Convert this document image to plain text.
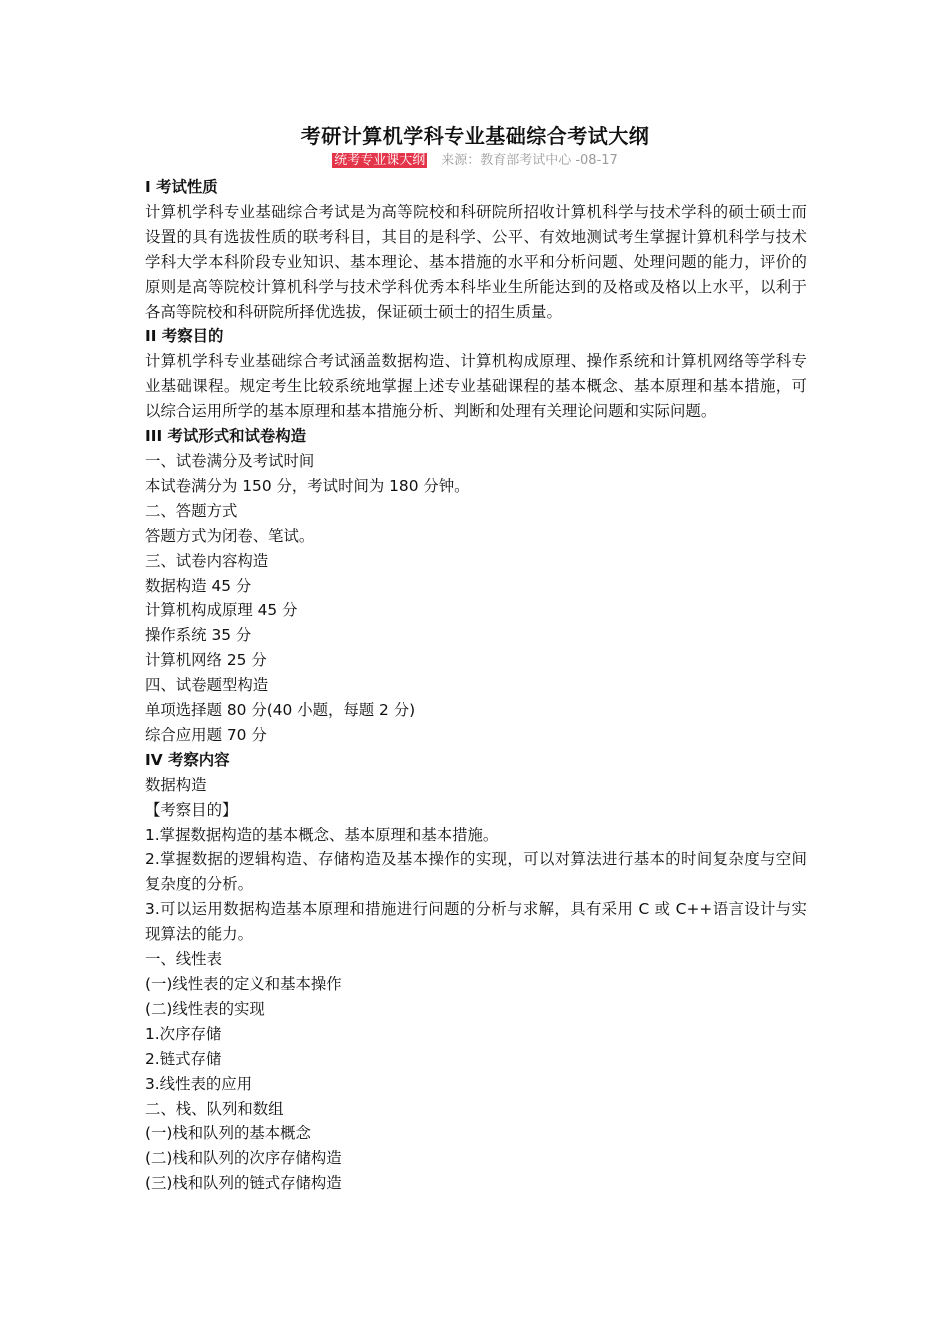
考研计算机学科专业基础综合考试大纲
统考专业课大纲 来源：教育部考试中心 -08-17
I 考试性质
计算机学科专业基础综合考试是为高等院校和科研院所招收计算机科学与技术学科的硕士硕士而设置的具有选拔性质的联考科目，其目的是科学、公平、有效地测试考生掌握计算机科学与技术学科大学本科阶段专业知识、基本理论、基本措施的水平和分析问题、处理问题的能力，评价的原则是高等院校计算机科学与技术学科优秀本科毕业生所能达到的及格或及格以上水平，以利于各高等院校和科研院所择优选拔，保证硕士硕士的招生质量。
II 考察目的
计算机学科专业基础综合考试涵盖数据构造、计算机构成原理、操作系统和计算机网络等学科专业基础课程。规定考生比较系统地掌握上述专业基础课程的基本概念、基本原理和基本措施，可以综合运用所学的基本原理和基本措施分析、判断和处理有关理论问题和实际问题。
III 考试形式和试卷构造
一、试卷满分及考试时间
本试卷满分为 150 分，考试时间为 180 分钟。
二、答题方式
答题方式为闭卷、笔试。
三、试卷内容构造
数据构造 45 分
计算机构成原理 45 分
操作系统 35 分
计算机网络 25 分
四、试卷题型构造
单项选择题 80 分(40 小题，每题 2 分)
综合应用题 70 分
IV 考察内容
数据构造
【考察目的】
1.掌握数据构造的基本概念、基本原理和基本措施。
2.掌握数据的逻辑构造、存储构造及基本操作的实现，可以对算法进行基本的时间复杂度与空间复杂度的分析。
3.可以运用数据构造基本原理和措施进行问题的分析与求解，具有采用 C 或 C++语言设计与实现算法的能力。
一、线性表
(一)线性表的定义和基本操作
(二)线性表的实现
1.次序存储
2.链式存储
3.线性表的应用
二、栈、队列和数组
(一)栈和队列的基本概念
(二)栈和队列的次序存储构造
(三)栈和队列的链式存储构造
